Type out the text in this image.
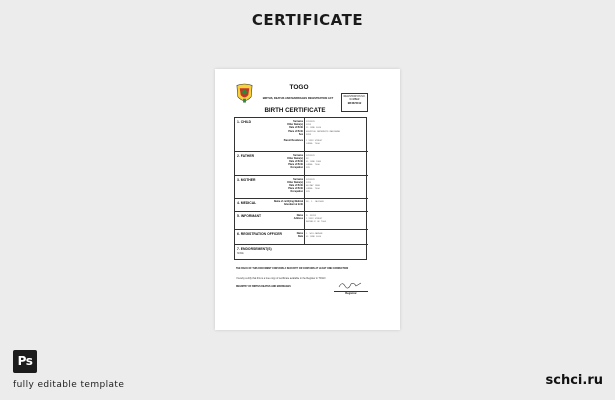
CERTIFICATE
TOGO
BIRTHS, DEATHS AND MARRIAGES REGISTRATION ACT	REGISTRATION NO.
NUMBER
ER4S72012
BIRTH CERTIFICATE
1. CHILD	Surname XXXXXXX
Other Name(s) XXXX
Date of Birth 21 JUNE 2020
Place of Birth HOSPITAL MATERNITE MARIEVAN
Sex XXXX
Parent Residence 1 XXXX STREET
LOMEE, TOGO
2. FATHER	Surname XXXXXXX
Other Name(s) XX
Date of Birth 01 JUNE 1985
Place of Birth LOMEE, TOGO
Occupation XXX
3. MOTHER	Surname XXXXXXX
Other Name(s) XXXX
Date of Birth 08 MAY 1988
Place of Birth LOMEE, TOGO
Occupation XXX
4. MEDICAL	Name of certifying Medical DR. J. JACKSON
Attendant at birth
5. INFORMANT	Name M. XXXXX
Address 1 XXXX STREET
REPUBLIC OF TOGO
6. REGISTRATION OFFICER	Name J. WILLIAMSON
Date 01 JUNE 2020
7. ENDORSEMENT(S)
NONE
THE BACK OF THIS DOCUMENT CONTAINS A SECURITY OR CONTAINS AT LEAST ONE CORRECTION
I hereby certify that this is a true copy of certificate available in the Register in TOGO
REGISTRY OF BIRTHS DEATHS AND MARRIAGES
Registrar
Ps
fully editable template	schci.ru
